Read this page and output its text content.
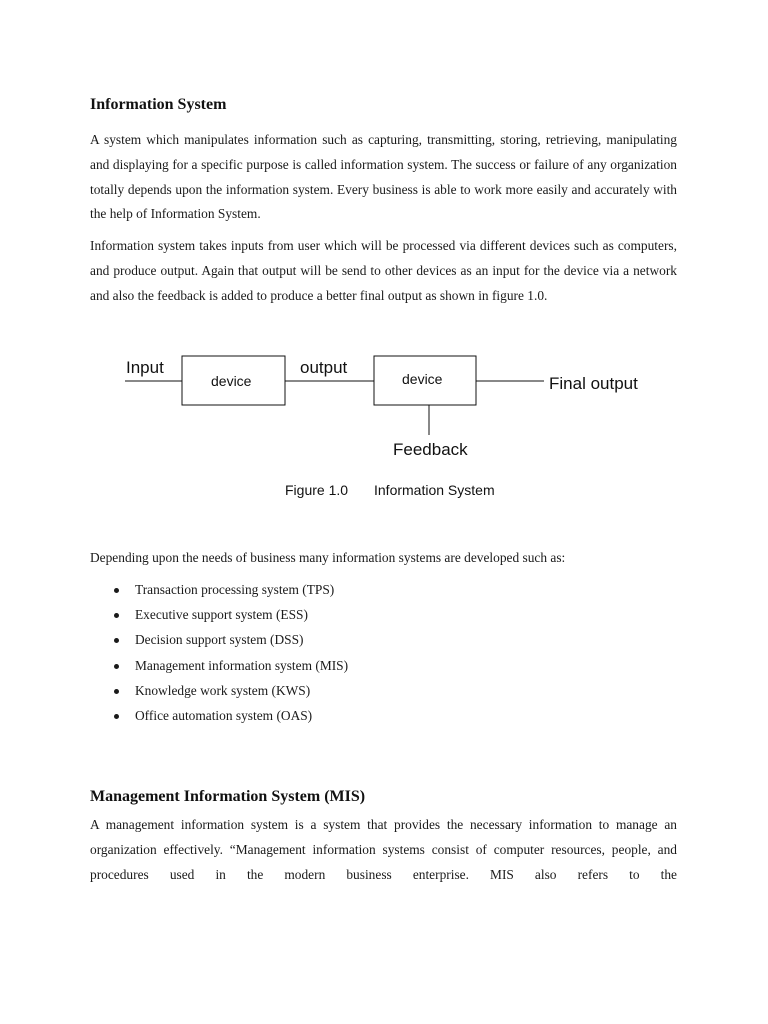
Information System

A system which manipulates information such as capturing, transmitting, storing, retrieving, manipulating and displaying for a specific purpose is called information system. The success or failure of any organization totally depends upon the information system. Every business is able to work more easily and accurately with the help of Information System.

Information system takes inputs from user which will be processed via different devices such as computers, and produce output. Again that output will be send to other devices as an input for the device via a network and also the feedback is added to produce a better final output as shown in figure 1.0.

Input
device
output
device	Final output
Feedback
Figure 1.0 Information System

Depending upon the needs of business many information systems are developed such as:

Transaction processing system (TPS)
Executive support system (ESS)
Decision support system (DSS)
Management information system (MIS)
Knowledge work system (KWS)
Office automation system (OAS)
Management Information System (MIS)

A management information system is a system that provides the necessary information to manage an organization effectively. “Management information systems consist of computer resources, people, and procedures used in the modern business enterprise. MIS also refers to the
